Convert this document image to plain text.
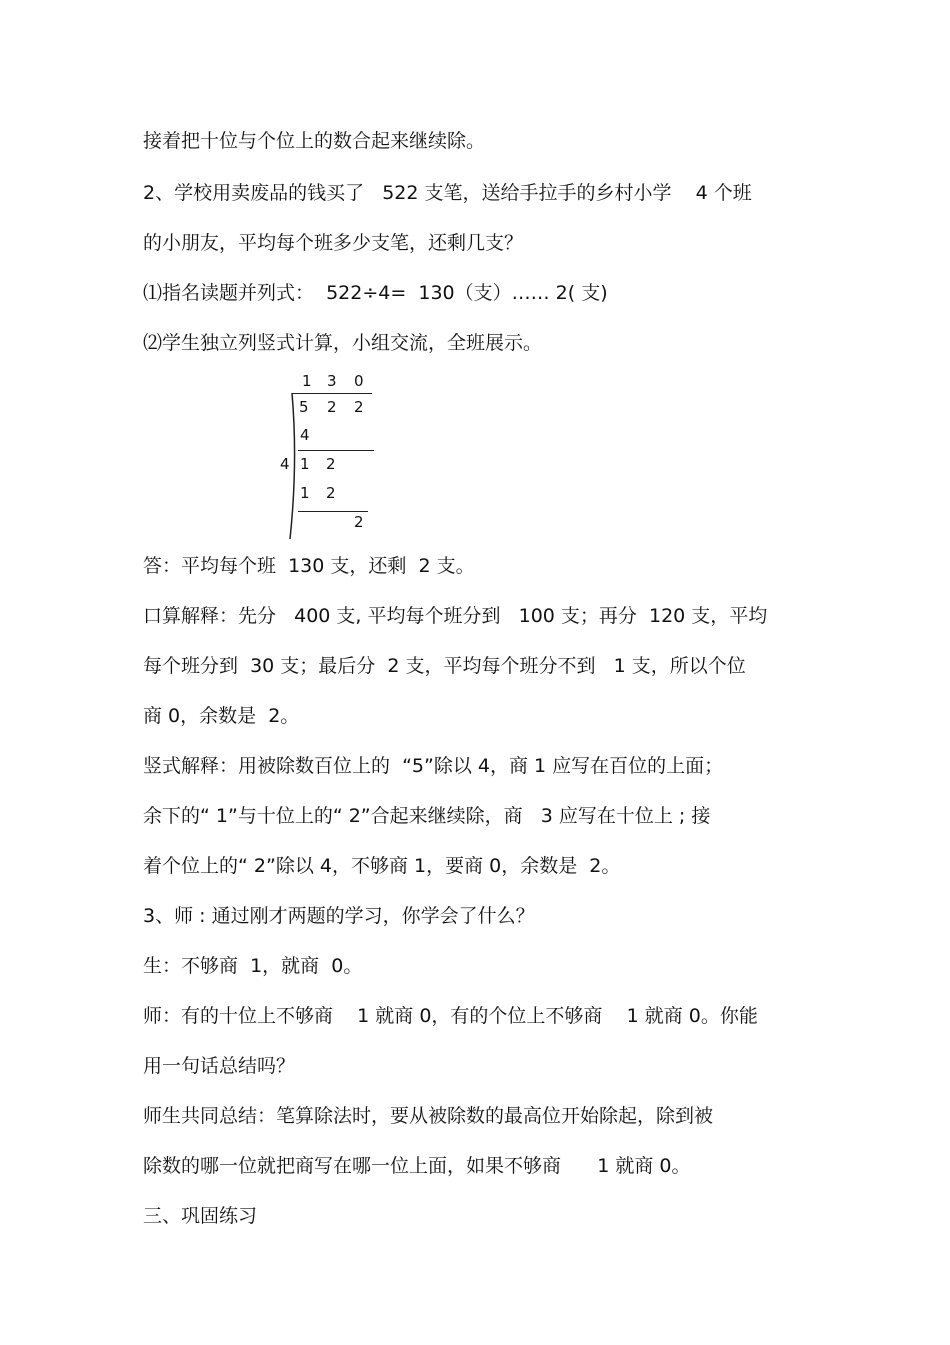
接着把十位与个位上的数合起来继续除。
2、学校用卖废品的钱买了   522 支笔，送给手拉手的乡村小学    4 个班
的小朋友，平均每个班多少支笔，还剩几支？
⑴指名读题并列式：  522÷4=  130（支）…… 2( 支)
⑵学生独立列竖式计算，小组交流，全班展示。
1 3 0
5 2 2
4
4 1 2
1 2
2
答：平均每个班  130 支，还剩  2 支。
口算解释：先分   400 支, 平均每个班分到   100 支；再分  120 支，平均
每个班分到  30 支；最后分  2 支，平均每个班分不到   1 支，所以个位
商 0，余数是  2。
竖式解释：用被除数百位上的  “5”除以 4，商 1 应写在百位的上面；
余下的“ 1”与十位上的“ 2”合起来继续除，商   3 应写在十位上 ; 接
着个位上的“ 2”除以 4，不够商 1，要商 0，余数是  2。
3、师 : 通过刚才两题的学习，你学会了什么？
生：不够商  1，就商  0。
师：有的十位上不够商    1 就商 0，有的个位上不够商    1 就商 0。你能
用一句话总结吗？
师生共同总结：笔算除法时，要从被除数的最高位开始除起，除到被
除数的哪一位就把商写在哪一位上面，如果不够商      1 就商 0。
三、巩固练习
